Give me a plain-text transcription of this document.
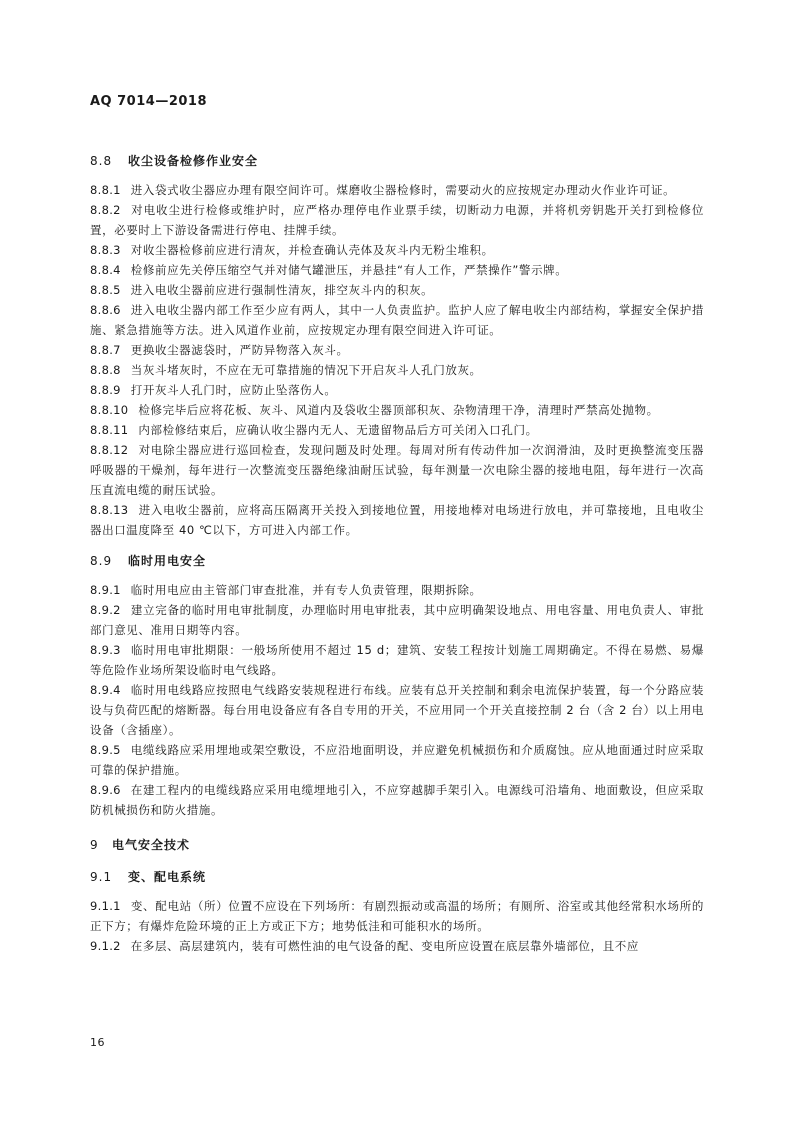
AQ 7014—2018
8.8 收尘设备检修作业安全
8.8.1 进入袋式收尘器应办理有限空间许可。煤磨收尘器检修时，需要动火的应按规定办理动火作业许可证。
8.8.2 对电收尘进行检修或维护时，应严格办理停电作业票手续，切断动力电源，并将机旁钥匙开关打到检修位置，必要时上下游设备需进行停电、挂牌手续。
8.8.3 对收尘器检修前应进行清灰，并检查确认壳体及灰斗内无粉尘堆积。
8.8.4 检修前应先关停压缩空气并对储气罐泄压，并悬挂“有人工作，严禁操作”警示牌。
8.8.5 进入电收尘器前应进行强制性清灰，排空灰斗内的积灰。
8.8.6 进入电收尘器内部工作至少应有两人，其中一人负责监护。监护人应了解电收尘内部结构，掌握安全保护措施、紧急措施等方法。进入风道作业前，应按规定办理有限空间进入许可证。
8.8.7 更换收尘器滤袋时，严防异物落入灰斗。
8.8.8 当灰斗堵灰时，不应在无可靠措施的情况下开启灰斗人孔门放灰。
8.8.9 打开灰斗人孔门时，应防止坠落伤人。
8.8.10 检修完毕后应将花板、灰斗、风道内及袋收尘器顶部积灰、杂物清理干净，清理时严禁高处抛物。
8.8.11 内部检修结束后，应确认收尘器内无人、无遗留物品后方可关闭入口孔门。
8.8.12 对电除尘器应进行巡回检查，发现问题及时处理。每周对所有传动件加一次润滑油，及时更换整流变压器呼吸器的干燥剂，每年进行一次整流变压器绝缘油耐压试验，每年测量一次电除尘器的接地电阻，每年进行一次高压直流电缆的耐压试验。
8.8.13 进入电收尘器前，应将高压隔离开关投入到接地位置，用接地棒对电场进行放电，并可靠接地，且电收尘器出口温度降至 40 ℃以下，方可进入内部工作。
8.9 临时用电安全
8.9.1 临时用电应由主管部门审查批准，并有专人负责管理，限期拆除。
8.9.2 建立完备的临时用电审批制度，办理临时用电审批表，其中应明确架设地点、用电容量、用电负责人、审批部门意见、准用日期等内容。
8.9.3 临时用电审批期限：一般场所使用不超过 15 d；建筑、安装工程按计划施工周期确定。不得在易燃、易爆等危险作业场所架设临时电气线路。
8.9.4 临时用电线路应按照电气线路安装规程进行布线。应装有总开关控制和剩余电流保护装置，每一个分路应装设与负荷匹配的熔断器。每台用电设备应有各自专用的开关，不应用同一个开关直接控制 2 台（含 2 台）以上用电设备（含插座）。
8.9.5 电缆线路应采用埋地或架空敷设，不应沿地面明设，并应避免机械损伤和介质腐蚀。应从地面通过时应采取可靠的保护措施。
8.9.6 在建工程内的电缆线路应采用电缆埋地引入，不应穿越脚手架引入。电源线可沿墙角、地面敷设，但应采取防机械损伤和防火措施。
9 电气安全技术
9.1 变、配电系统
9.1.1 变、配电站（所）位置不应设在下列场所：有剧烈振动或高温的场所；有厕所、浴室或其他经常积水场所的正下方；有爆炸危险环境的正上方或正下方；地势低洼和可能积水的场所。
9.1.2 在多层、高层建筑内，装有可燃性油的电气设备的配、变电所应设置在底层靠外墙部位，且不应
16
